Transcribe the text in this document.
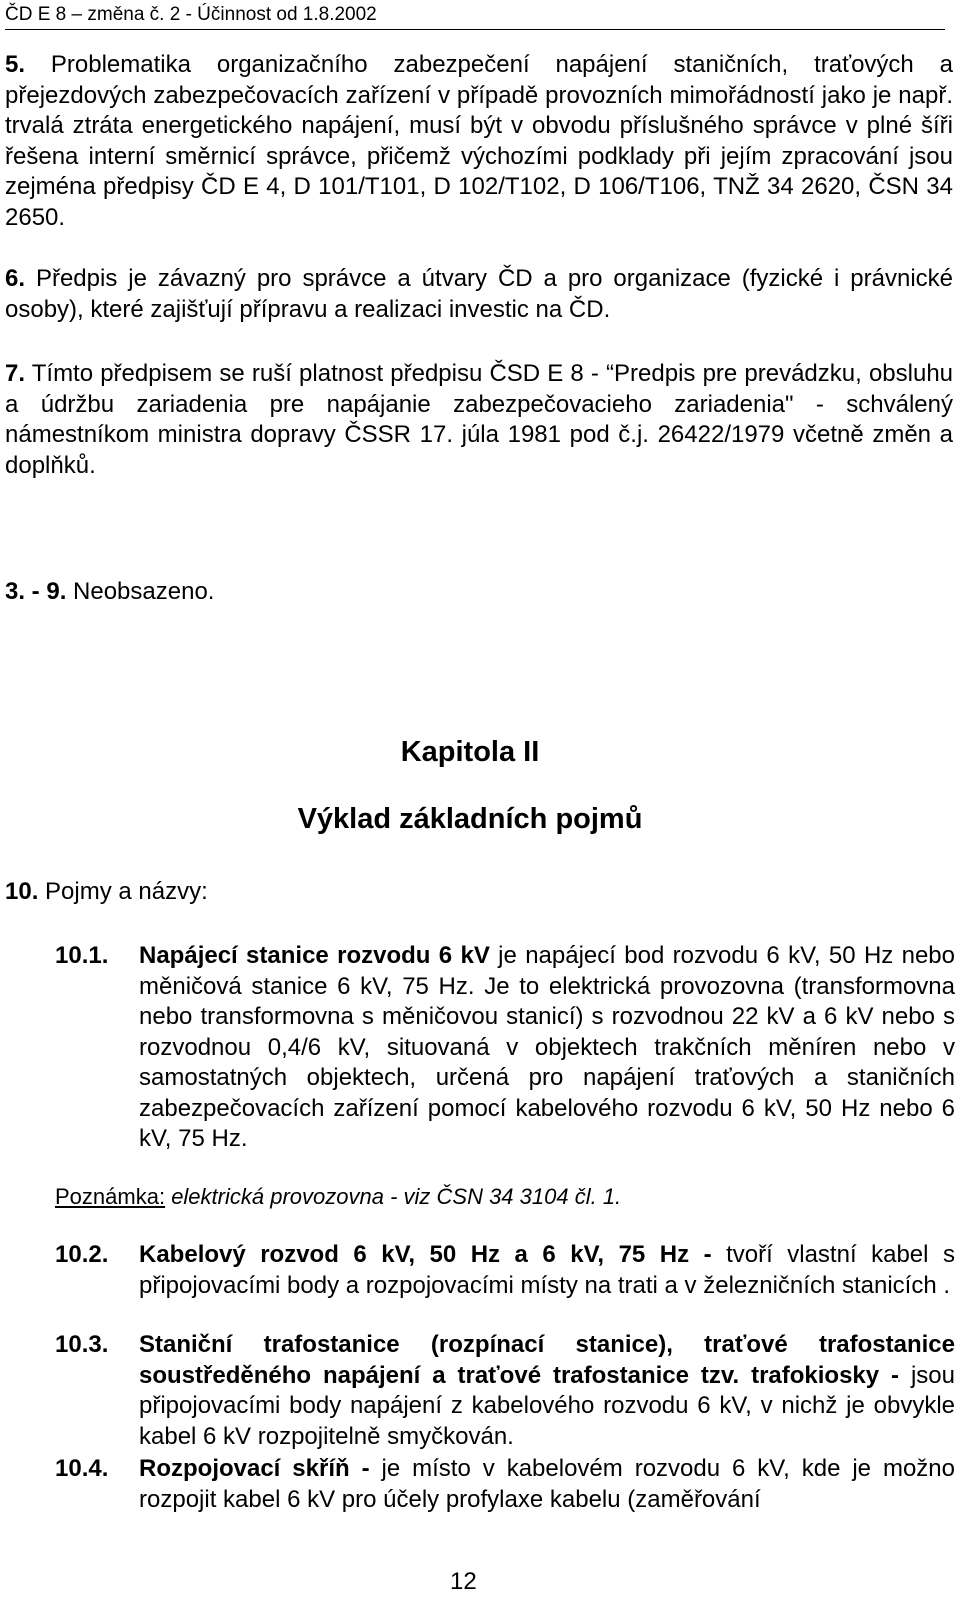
ČD E 8 – změna č. 2 - Účinnost od 1.8.2002
5. Problematika organizačního zabezpečení napájení staničních, traťových a přejezdových zabezpečovacích zařízení v případě provozních mimořádností jako je např. trvalá ztráta energetického napájení, musí být v obvodu příslušného správce v plné šíři řešena interní směrnicí správce, přičemž výchozími podklady při jejím zpracování jsou zejména předpisy ČD E 4, D 101/T101, D 102/T102, D 106/T106, TNŽ 34 2620, ČSN 34 2650.
6. Předpis je závazný pro správce a útvary ČD a pro organizace (fyzické i právnické osoby), které zajišťují přípravu a realizaci investic na ČD.
7. Tímto předpisem se ruší platnost předpisu ČSD E 8 - “Predpis pre prevádzku, obsluhu a údržbu zariadenia pre napájanie zabezpečovacieho zariadenia" - schválený námestníkom ministra dopravy ČSSR 17. júla 1981 pod č.j. 26422/1979 včetně změn a doplňků.
3. - 9. Neobsazeno.
Kapitola II
Výklad základních pojmů
10. Pojmy a názvy:
10.1. Napájecí stanice rozvodu 6 kV je napájecí bod rozvodu 6 kV, 50 Hz nebo měničová stanice 6 kV, 75 Hz. Je to elektrická provozovna (transformovna nebo transformovna s měničovou stanicí) s rozvodnou 22 kV a 6 kV nebo s rozvodnou 0,4/6 kV, situovaná v objektech trakčních měníren nebo v samostatných objektech, určená pro napájení traťových a staničních zabezpečovacích zařízení pomocí kabelového rozvodu 6 kV, 50 Hz nebo 6 kV, 75 Hz.
Poznámka: elektrická provozovna - viz ČSN 34 3104 čl. 1.
10.2. Kabelový rozvod 6 kV, 50 Hz a 6 kV, 75 Hz - tvoří vlastní kabel s připojovacími body a rozpojovacími místy na trati a v železničních stanicích .
10.3. Staniční trafostanice (rozpínací stanice), traťové trafostanice soustředěného napájení a traťové trafostanice tzv. trafokiosky - jsou připojovacími body napájení z kabelového rozvodu 6 kV, v nichž je obvykle kabel 6 kV rozpojitelně smyčkován.
10.4. Rozpojovací skříň - je místo v kabelovém rozvodu 6 kV, kde je možno rozpojit kabel 6 kV pro účely profylaxe kabelu (zaměřování
12
